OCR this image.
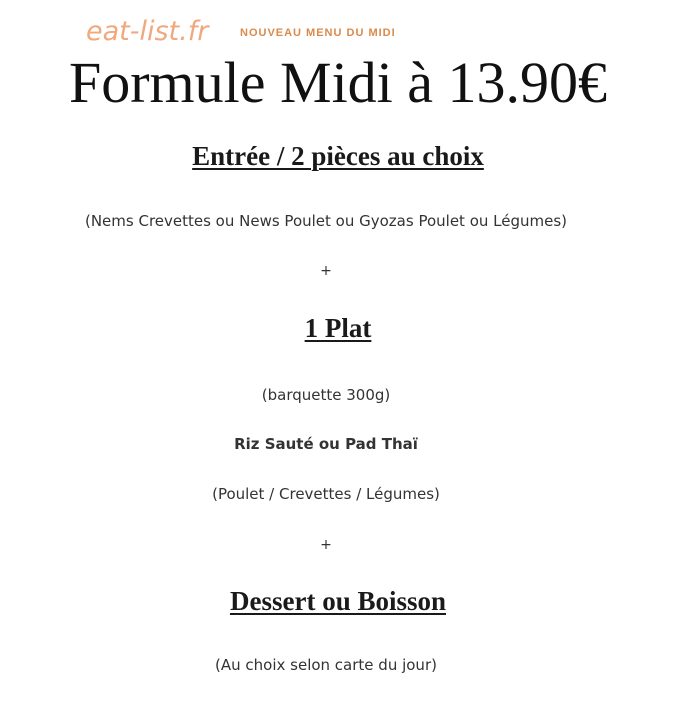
eat-list.fr	NOUVEAU MENU DU MIDI
Formule Midi à 13.90€
Entrée / 2 pièces au choix
(Nems Crevettes ou News Poulet ou Gyozas Poulet ou Légumes)
+
1 Plat
(barquette 300g)
Riz Sauté ou Pad Thaï
(Poulet / Crevettes / Légumes)
+
Dessert ou Boisson
(Au choix selon carte du jour)
